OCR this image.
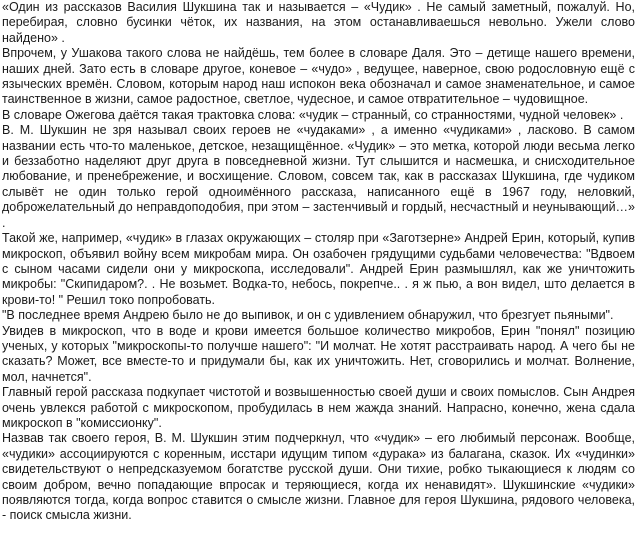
«Один из рассказов Василия Шукшина так и называется – «Чудик» . Не самый заметный, пожалуй. Но, перебирая, словно бусинки чёток, их названия, на этом останавливаешься невольно. Ужели слово найдено» .

Впрочем, у Ушакова такого слова не найдёшь, тем более в словаре Даля. Это – детище нашего времени, наших дней. Зато есть в словаре другое, коневое – «чудо» , ведущее, наверное, свою родословную ещё с языческих времён. Словом, которым народ наш испокон века обозначал и самое знаменательное, и самое таинственное в жизни, самое радостное, светлое, чудесное, и самое отвратительное – чудовищное.

В словаре Ожегова даётся такая трактовка слова: «чудик – странный, со странностями, чудной человек» .

В. М. Шукшин не зря называл своих героев не «чудаками» , а именно «чудиками» , ласково. В самом названии есть что-то маленькое, детское, незащищённое. «Чудик» – это метка, которой люди весьма легко и беззаботно наделяют друг друга в повседневной жизни. Тут слышится и насмешка, и снисходительное любование, и пренебрежение, и восхищение. Словом, совсем так, как в рассказах Шукшина, где чудиком слывёт не один только герой одноимённого рассказа, написанного ещё в 1967 году, неловкий, доброжелательный до неправдоподобия, при этом – застенчивый и гордый, несчастный и неунывающий…» .

Такой же, например, «чудик» в глазах окружающих – столяр при «Заготзерне» Андрей Ерин, который, купив микроскоп, объявил войну всем микробам мира. Он озабочен грядущими судьбами человечества: "Вдвоем с сыном часами сидели они у микроскопа, исследовали". Андрей Ерин размышлял, как же уничтожить микробы: "Скипидаром?. . Не возьмет. Водка-то, небось, покрепче.. . я ж пью, а вон видел, што делается в крови-то! " Решил токо попробовать.

"В последнее время Андрею было не до выпивок, и он с удивлением обнаружил, что брезгует пьяными".

Увидев в микроскоп, что в воде и крови имеется большое количество микробов, Ерин "понял" позицию ученых, у которых "микроскопы-то получше нашего": "И молчат. Не хотят расстраивать народ. А чего бы не сказать? Может, все вместе-то и придумали бы, как их уничтожить. Нет, сговорились и молчат. Волнение, мол, начнется".

Главный герой рассказа подкупает чистотой и возвышенностью своей души и своих помыслов. Сын Андрея очень увлекся работой с микроскопом, пробудилась в нем жажда знаний. Напрасно, конечно, жена сдала микроскоп в "комиссионку".

Назвав так своего героя, В. М. Шукшин этим подчеркнул, что «чудик» – его любимый персонаж. Вообще, «чудики» ассоциируются с коренным, исстари идущим типом «дурака» из балагана, сказок. Их «чудинки» свидетельствуют о непредсказуемом богатстве русской души. Они тихие, робко тыкающиеся к людям со своим добром, вечно попадающие впросак и теряющиеся, когда их ненавидят». Шукшинские «чудики» появляются тогда, когда вопрос ставится о смысле жизни. Главное для героя Шукшина, рядового человека, - поиск смысла жизни.
